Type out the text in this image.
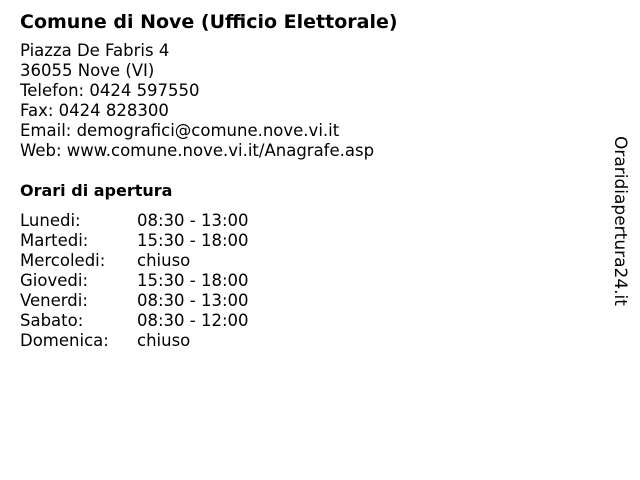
Comune di Nove (Ufficio Elettorale)
Piazza De Fabris 4
36055 Nove (VI)
Telefon: 0424 597550
Fax: 0424 828300
Email: demografici@comune.nove.vi.it
Web: www.comune.nove.vi.it/Anagrafe.asp
Orari di apertura
Lunedi:	08:30 - 13:00
Martedi:	15:30 - 18:00
Mercoledi:	chiuso
Giovedi:	15:30 - 18:00
Venerdi:	08:30 - 13:00
Sabato:	08:30 - 12:00
Domenica:	chiuso
Oraridiapertura24.it
